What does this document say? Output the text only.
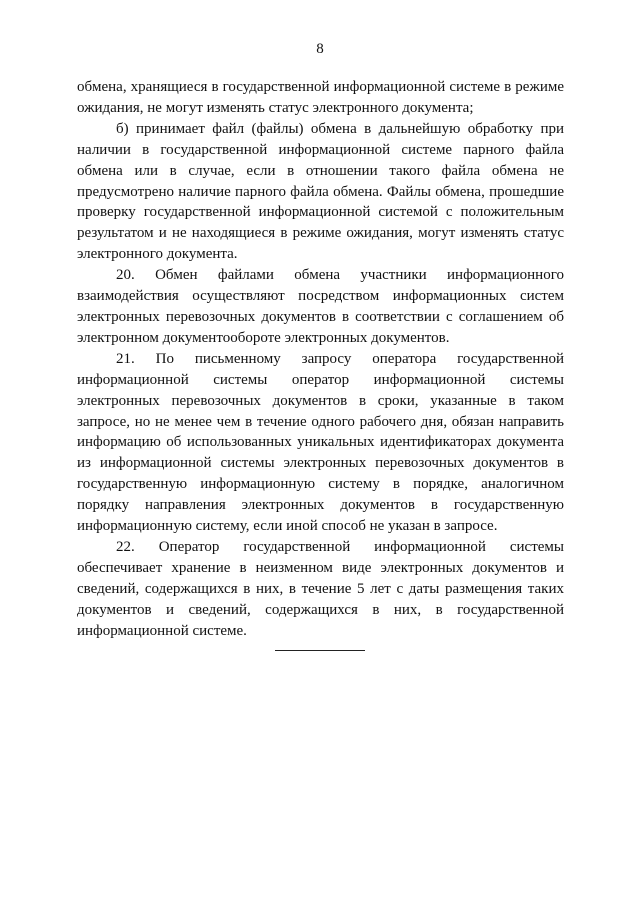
8

обмена, хранящиеся в государственной информационной системе в режиме ожидания, не могут изменять статус электронного документа;

б) принимает файл (файлы) обмена в дальнейшую обработку при наличии в государственной информационной системе парного файла обмена или в случае, если в отношении такого файла обмена не предусмотрено наличие парного файла обмена. Файлы обмена, прошедшие проверку государственной информационной системой с положительным результатом и не находящиеся в режиме ожидания, могут изменять статус электронного документа.

20. Обмен файлами обмена участники информационного взаимодействия осуществляют посредством информационных систем электронных перевозочных документов в соответствии с соглашением об электронном документообороте электронных документов.

21. По письменному запросу оператора государственной информационной системы оператор информационной системы электронных перевозочных документов в сроки, указанные в таком запросе, но не менее чем в течение одного рабочего дня, обязан направить информацию об использованных уникальных идентификаторах документа из информационной системы электронных перевозочных документов в государственную информационную систему в порядке, аналогичном порядку направления электронных документов в государственную информационную систему, если иной способ не указан в запросе.

22. Оператор государственной информационной системы обеспечивает хранение в неизменном виде электронных документов и сведений, содержащихся в них, в течение 5 лет с даты размещения таких документов и сведений, содержащихся в них, в государственной информационной системе.
